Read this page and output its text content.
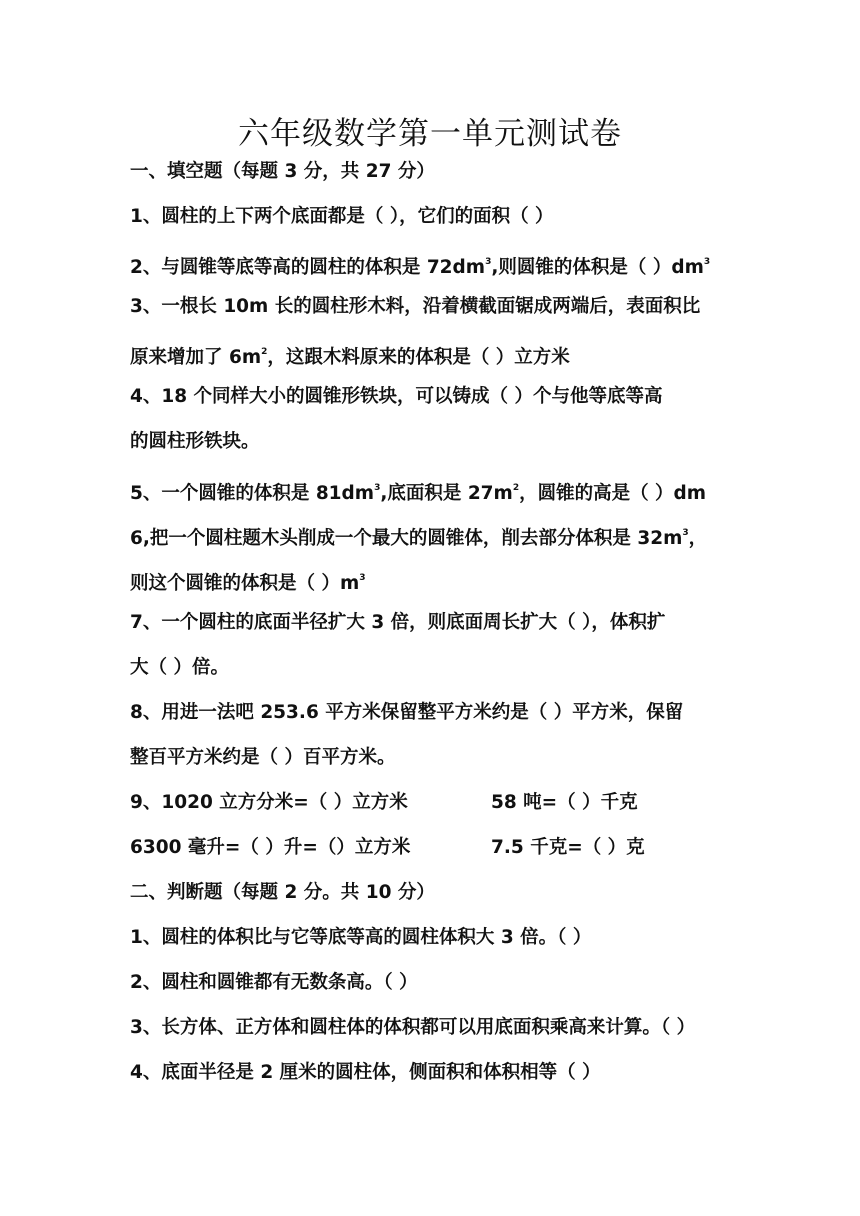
六年级数学第一单元测试卷
一、填空题（每题 3 分，共 27 分）
1、圆柱的上下两个底面都是（ ），它们的面积（ ）
2、与圆锥等底等高的圆柱的体积是 $72dm^3$,则圆锥的体积是（ ）$dm^3$
3、一根长 10m 长的圆柱形木料，沿着横截面锯成两端后，表面积比
原来增加了 $6m^2$，这跟木料原来的体积是（ ）立方米
4、18 个同样大小的圆锥形铁块，可以铸成（ ）个与他等底等高
的圆柱形铁块。
5、一个圆锥的体积是 $81dm^3$,底面积是 $27m^2$，圆锥的高是（ ）dm
6,把一个圆柱题木头削成一个最大的圆锥体，削去部分体积是 $32m^3$，
则这个圆锥的体积是（ ）$m^3$
7、一个圆柱的底面半径扩大 3 倍，则底面周长扩大（ ），体积扩
大（ ）倍。
8、用进一法吧 253.6 平方米保留整平方米约是（ ）平方米，保留
整百平方米约是（ ）百平方米。
9、1020 立方分米=（ ）立方米	58 吨=（ ）千克
6300 毫升=（ ）升=（）立方米	7.5 千克=（ ）克
二、判断题（每题 2 分。共 10 分）
1、圆柱的体积比与它等底等高的圆柱体积大 3 倍。（ ）
2、圆柱和圆锥都有无数条高。（ ）
3、长方体、正方体和圆柱体的体积都可以用底面积乘高来计算。（ ）
4、底面半径是 2 厘米的圆柱体，侧面积和体积相等（ ）
